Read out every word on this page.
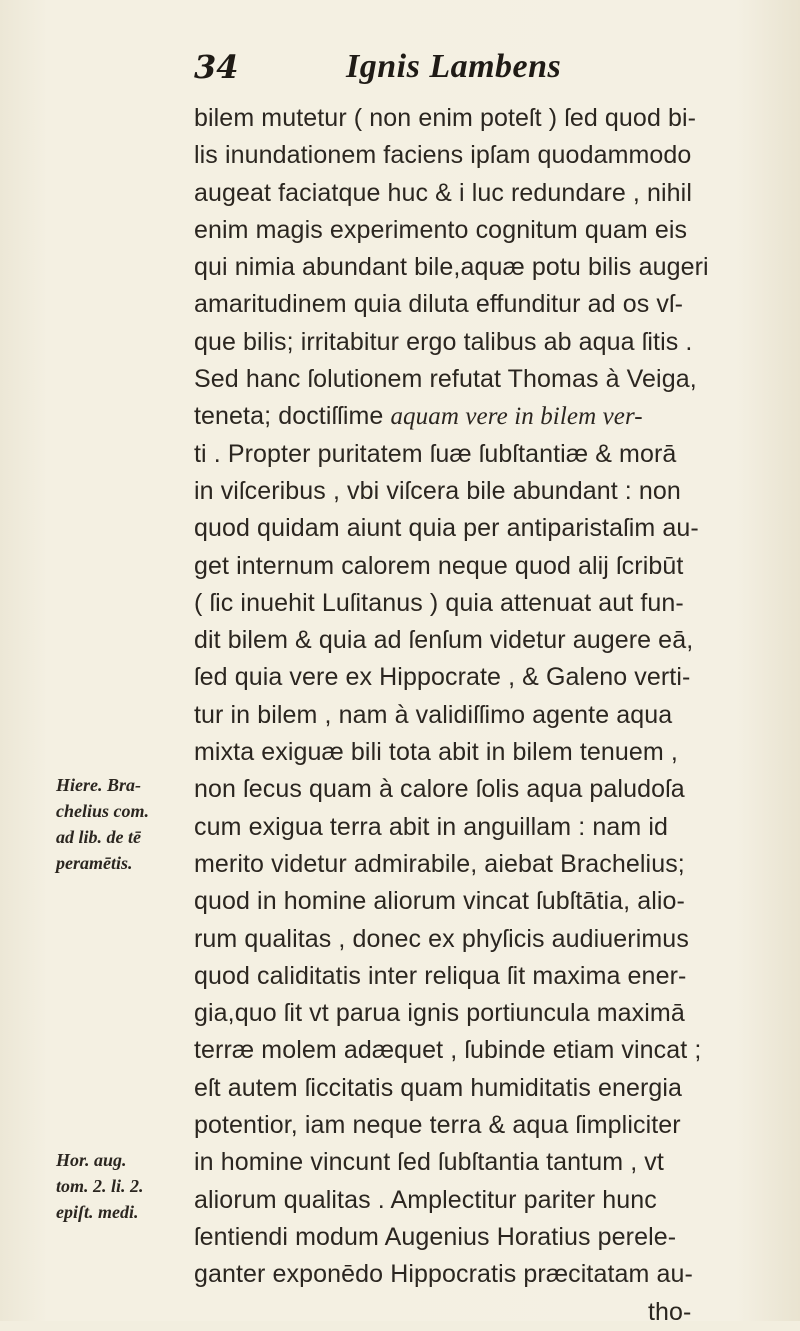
34	Ignis Lambens
bilem mutetur ( non enim poteſt ) ſed quod bi-
lis inundationem faciens ipſam quodammodo
augeat faciatque huc & i luc redundare , nihil
enim magis experimento cognitum quam eis
qui nimia abundant bile,aquæ potu bilis augeri
amaritudinem quia diluta effunditur ad os vſ-
que bilis; irritabitur ergo talibus ab aqua ſitis .
Sed hanc ſolutionem refutat Thomas à Veiga,
teneta; doctiſſime aquam vere in bilem ver-
ti . Propter puritatem ſuæ ſubſtantiæ & morā
in viſceribus , vbi viſcera bile abundant : non
quod quidam aiunt quia per antiparistaſim au-
get internum calorem neque quod alij ſcribūt
( ſic inuehit Luſitanus ) quia attenuat aut fun-
dit bilem & quia ad ſenſum videtur augere eā,
ſed quia vere ex Hippocrate , & Galeno verti-
tur in bilem , nam à validiſſimo agente aqua
mixta exiguæ bili tota abit in bilem tenuem ,
non ſecus quam à calore ſolis aqua paludoſa
cum exigua terra abit in anguillam : nam id
merito videtur admirabile, aiebat Brachelius;
quod in homine aliorum vincat ſubſtātia, alio-
rum qualitas , donec ex phyſicis audiuerimus
quod caliditatis inter reliqua ſit maxima ener-
gia,quo ſit vt parua ignis portiuncula maximā
terræ molem adæquet , ſubinde etiam vincat ;
eſt autem ſiccitatis quam humiditatis energia
potentior, iam neque terra & aqua ſimpliciter
in homine vincunt ſed ſubſtantia tantum , vt
aliorum qualitas . Amplectitur pariter hunc
ſentiendi modum Augenius Horatius perele-
ganter exponēdo Hippocratis præcitatam au-
tho-
Hiere. Bra-
chelius com.
ad lib. de tē
peramētis.
Hor. aug.
tom. 2. li. 2.
epiſt. medi.
